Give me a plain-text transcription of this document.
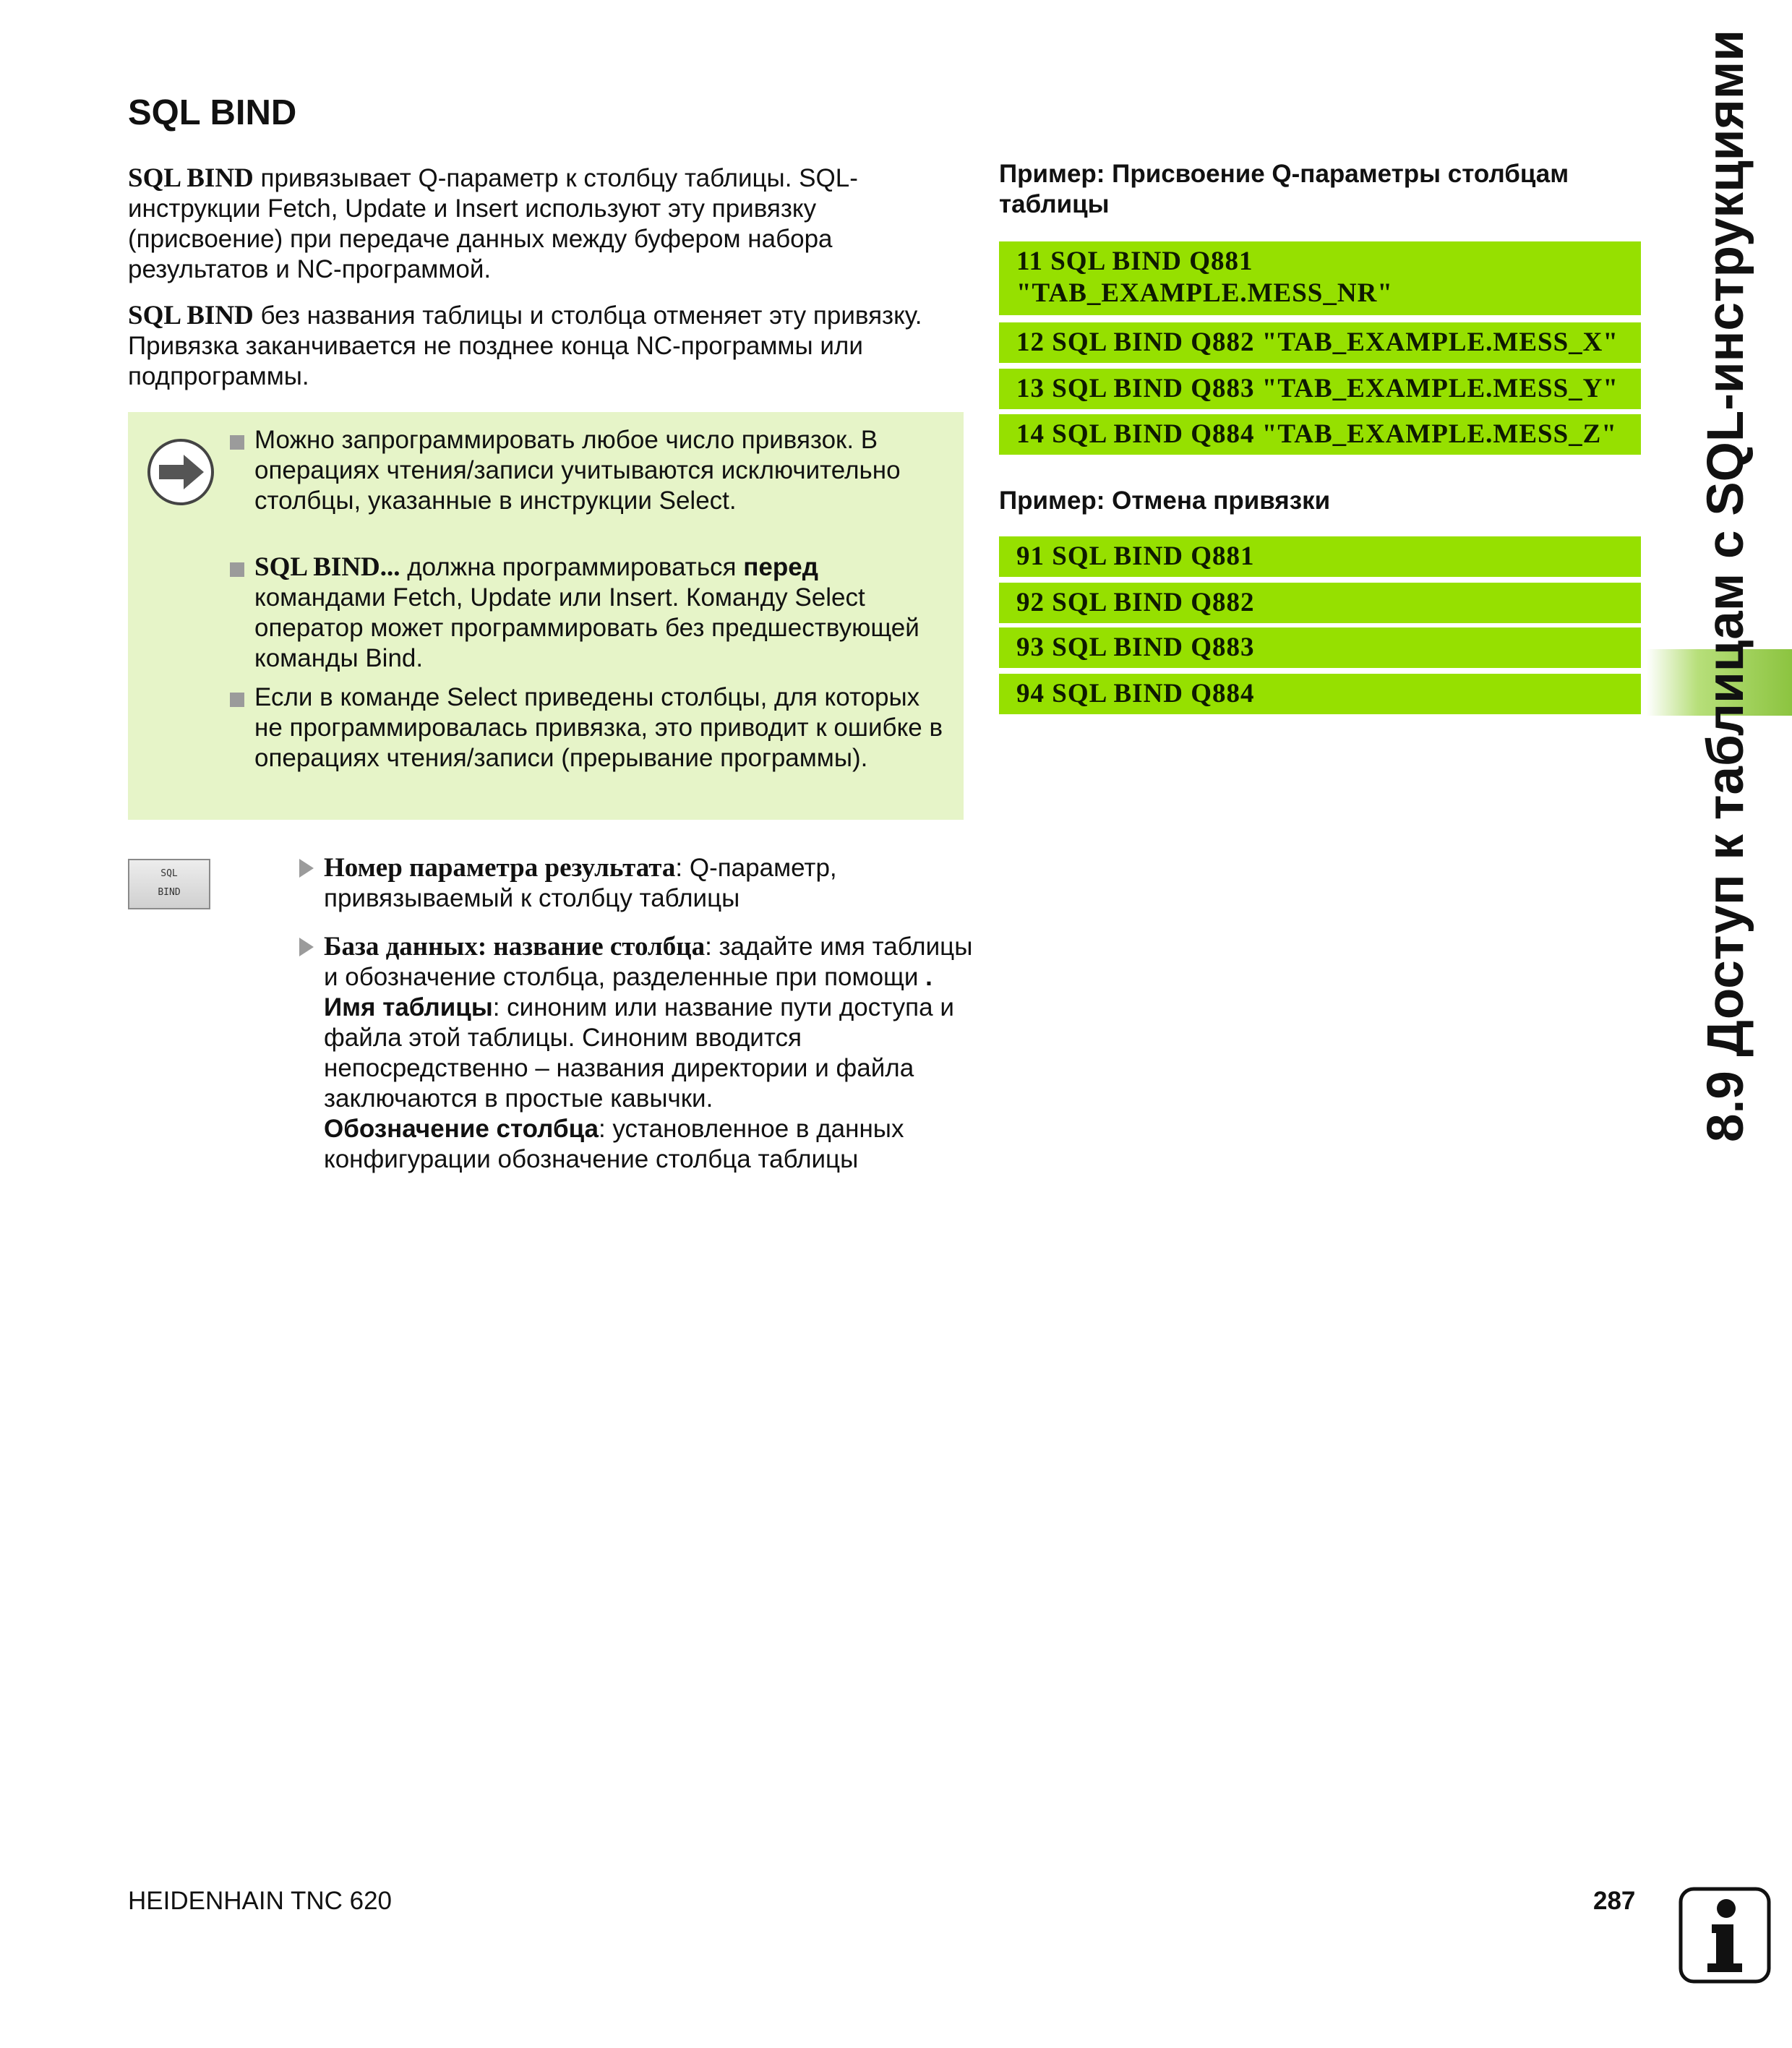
SQL BIND

SQL BIND привязывает Q-параметр к столбцу таблицы. SQL-инструкции Fetch, Update и Insert используют эту привязку (присвоение) при передаче данных между буфером набора результатов и NC-программой.

SQL BIND без названия таблицы и столбца отменяет эту привязку. Привязка заканчивается не позднее конца NC-программы или подпрограммы.

Можно запрограммировать любое число привязок. В операциях чтения/записи учитываются исключительно столбцы, указанные в инструкции Select.
SQL BIND... должна программироваться перед командами Fetch, Update или Insert. Команду Select оператор может программировать без предшествующей команды Bind.
Если в команде Select приведены столбцы, для которых не программировалась привязка, это приводит к ошибке в операциях чтения/записи (прерывание программы).
SQL
BIND
Номер параметра результата: Q-параметр, привязываемый к столбцу таблицы
База данных: название столбца: задайте имя таблицы и обозначение столбца, разделенные при помощи .
Имя таблицы: синоним или название пути доступа и файла этой таблицы. Синоним вводится непосредственно – названия директории и файла заключаются в простые кавычки.
Обозначение столбца: установленное в данных конфигурации обозначение столбца таблицы

Пример: Присвоение Q-параметры столбцам таблицы

11 SQL BIND Q881
"TAB_EXAMPLE.MESS_NR"
12 SQL BIND Q882 "TAB_EXAMPLE.MESS_X"
13 SQL BIND Q883 "TAB_EXAMPLE.MESS_Y"
14 SQL BIND Q884 "TAB_EXAMPLE.MESS_Z"

Пример: Отмена привязки

91 SQL BIND Q881
92 SQL BIND Q882
93 SQL BIND Q883
94 SQL BIND Q884	8.9 Доступ к таблицам с SQL-инструкциями
HEIDENHAIN TNC 620	287
